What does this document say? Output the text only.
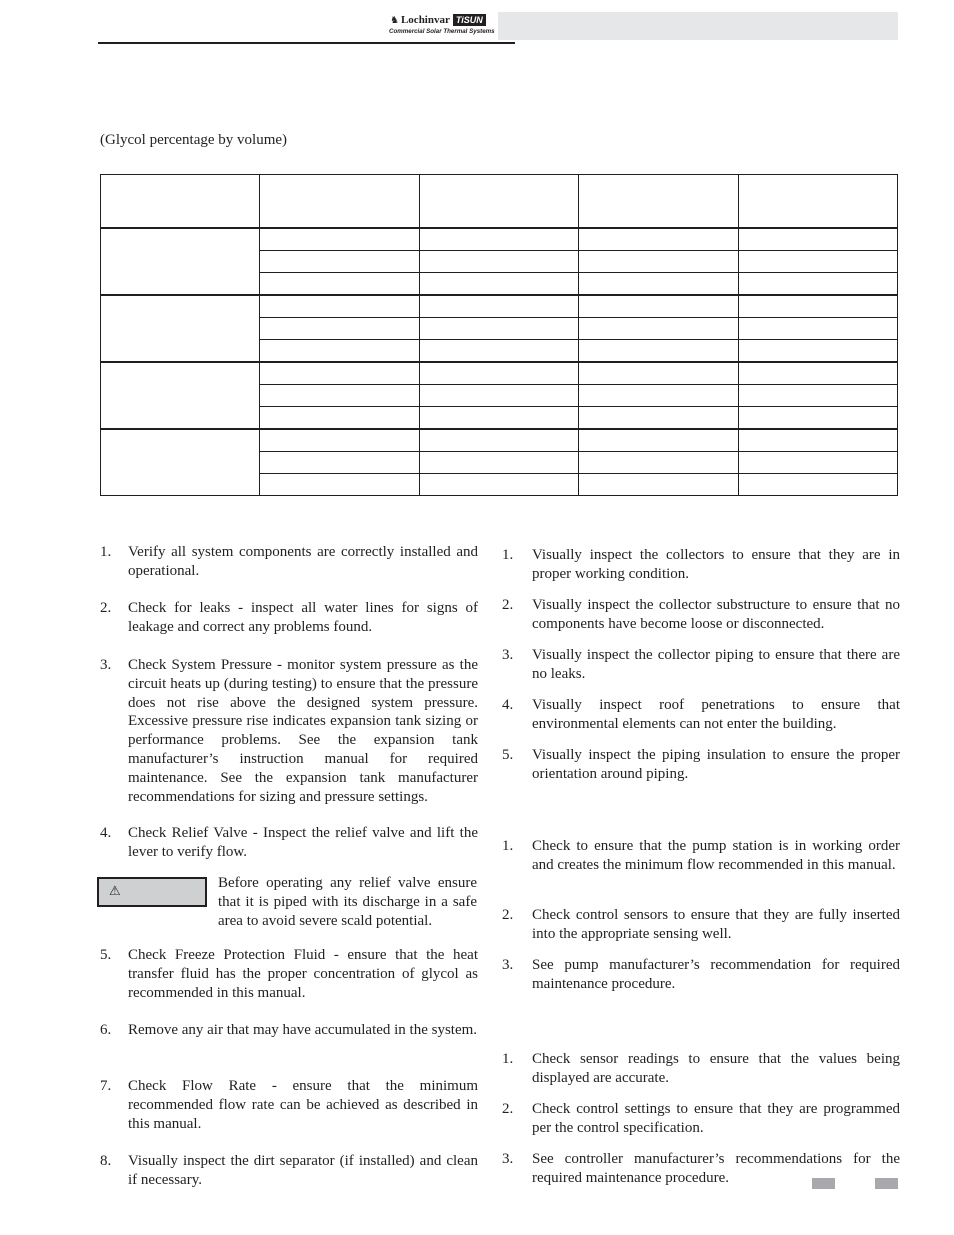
♞ Lochinvar TiSUN
Commercial Solar Thermal Systems
(Glycol percentage by volume)

1. Verify all system components are correctly installed and operational.
2. Check for leaks - inspect all water lines for signs of leakage and correct any problems found.
3. Check System Pressure - monitor system pressure as the circuit heats up (during testing) to ensure that the pressure does not rise above the designed system pressure. Excessive pressure rise indicates expansion tank sizing or performance problems. See the expansion tank manufacturer’s instruction manual for required maintenance. See the expansion tank manufacturer recommendations for sizing and pressure settings.
4. Check Relief Valve - Inspect the relief valve and lift the lever to verify flow.
5. Check Freeze Protection Fluid - ensure that the heat transfer fluid has the proper concentration of glycol as recommended in this manual.
6. Remove any air that may have accumulated in the system.
7. Check Flow Rate - ensure that the minimum recommended flow rate can be achieved as described in this manual.
8. Visually inspect the dirt separator (if installed) and clean if necessary.
⚠
Before operating any relief valve ensure that it is piped with its discharge in a safe area to avoid severe scald potential.
1. Visually inspect the collectors to ensure that they are in proper working condition.
2. Visually inspect the collector substructure to ensure that no components have become loose or disconnected.
3. Visually inspect the collector piping to ensure that there are no leaks.
4. Visually inspect roof penetrations to ensure that environmental elements can not enter the building.
5. Visually inspect the piping insulation to ensure the proper orientation around piping.
1. Check to ensure that the pump station is in working order and creates the minimum flow recommended in this manual.
2. Check control sensors to ensure that they are fully inserted into the appropriate sensing well.
3. See pump manufacturer’s recommendation for required maintenance procedure.
1. Check sensor readings to ensure that the values being displayed are accurate.
2. Check control settings to ensure that they are programmed per the control specification.
3. See controller manufacturer’s recommendations for the required maintenance procedure.
